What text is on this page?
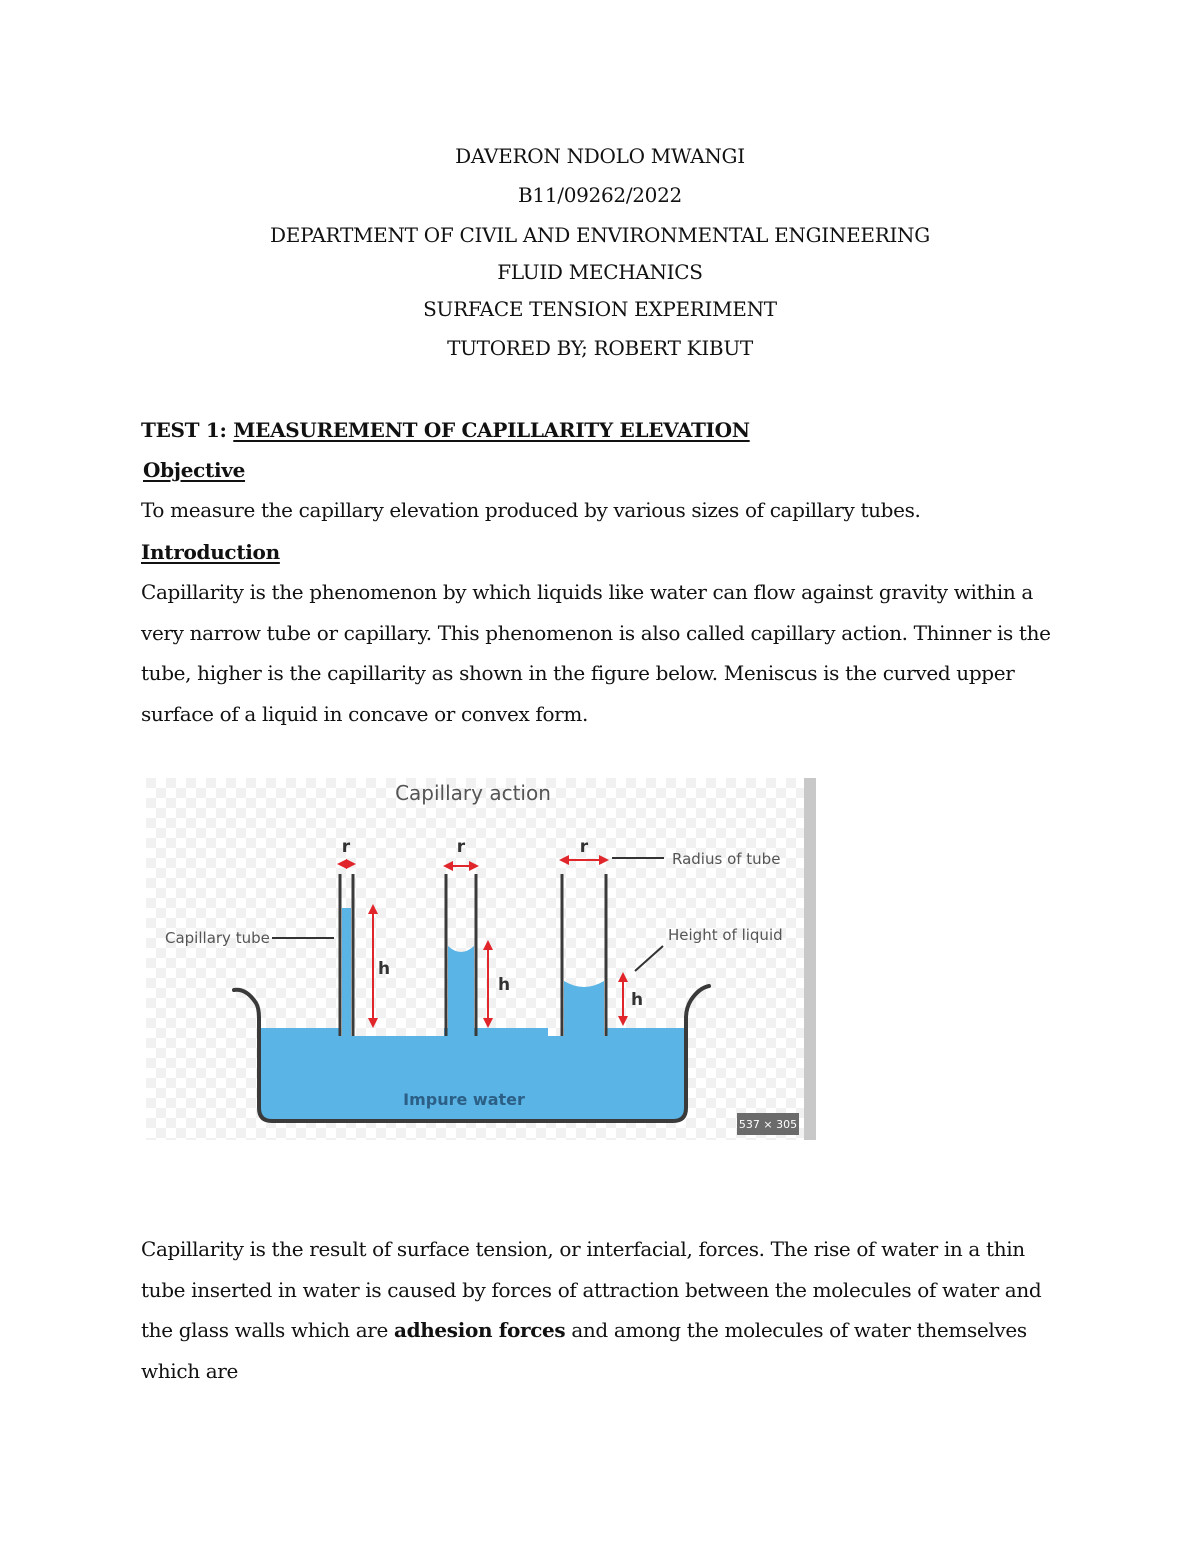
DAVERON NDOLO MWANGI
B11/09262/2022
DEPARTMENT OF CIVIL AND ENVIRONMENTAL ENGINEERING
FLUID MECHANICS
SURFACE TENSION EXPERIMENT
TUTORED BY; ROBERT KIBUT
TEST 1: MEASUREMENT OF CAPILLARITY ELEVATION
Objective

To measure the capillary elevation produced by various sizes of capillary tubes.

Introduction

Capillarity is the phenomenon by which liquids like water can flow against gravity within a very narrow tube or capillary. This phenomenon is also called capillary action. Thinner is the tube, higher is the capillarity as shown in the figure below. Meniscus is the curved upper surface of a liquid in concave or convex form.

Capillary action
r	r	r
h
h
h
Radius of tube
Height of liquid
Capillary tube
Impure water
537 × 305

Capillarity is the result of surface tension, or interfacial, forces. The rise of water in a thin tube inserted in water is caused by forces of attraction between the molecules of water and the glass walls which are adhesion forces and among the molecules of water themselves which are
